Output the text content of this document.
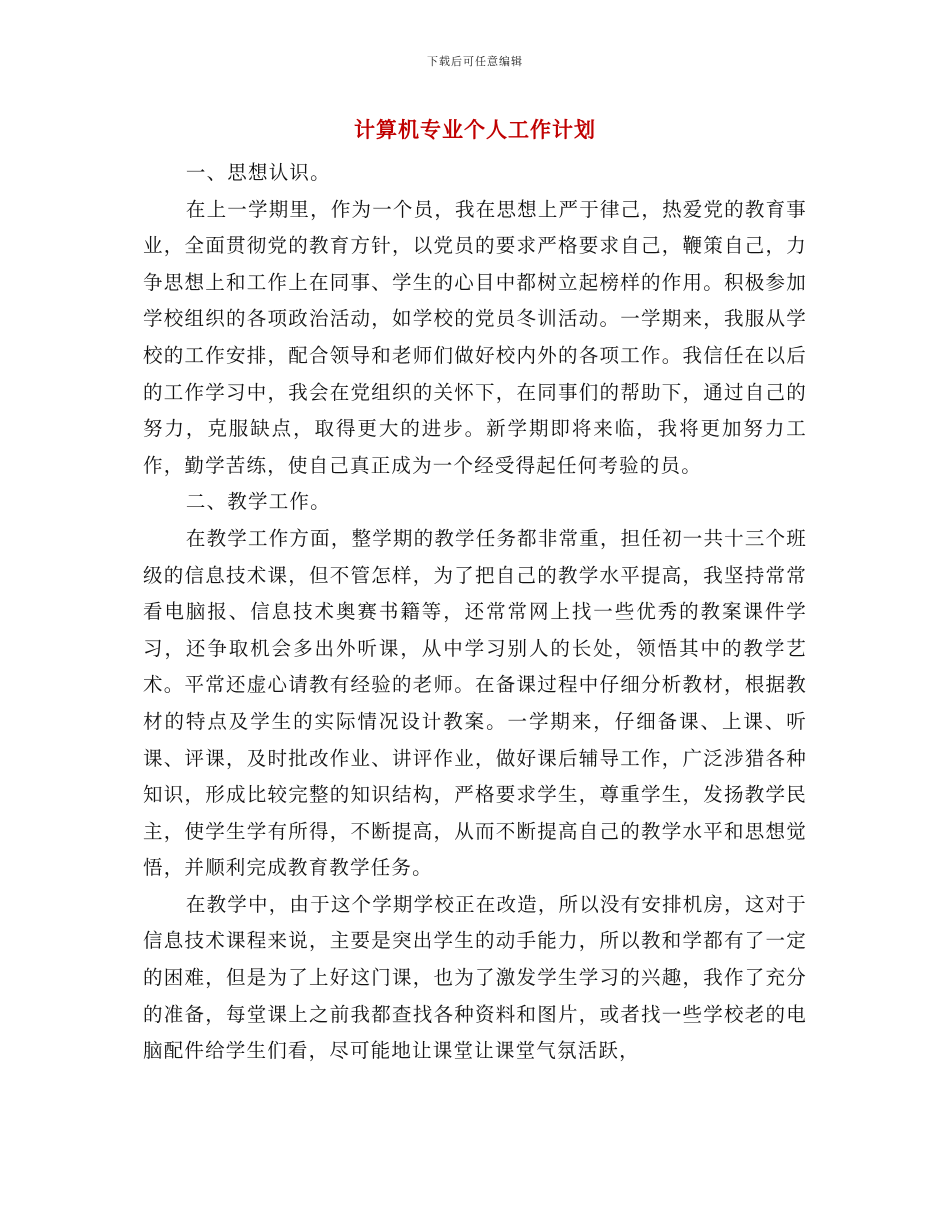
下载后可任意编辑
计算机专业个人工作计划

一、思想认识。

在上一学期里，作为一个员，我在思想上严于律己，热爱党的教育事业，全面贯彻党的教育方针，以党员的要求严格要求自己，鞭策自己，力争思想上和工作上在同事、学生的心目中都树立起榜样的作用。积极参加学校组织的各项政治活动，如学校的党员冬训活动。一学期来，我服从学校的工作安排，配合领导和老师们做好校内外的各项工作。我信任在以后的工作学习中，我会在党组织的关怀下，在同事们的帮助下，通过自己的努力，克服缺点，取得更大的进步。新学期即将来临，我将更加努力工作，勤学苦练，使自己真正成为一个经受得起任何考验的员。

二、教学工作。

在教学工作方面，整学期的教学任务都非常重，担任初一共十三个班级的信息技术课，但不管怎样，为了把自己的教学水平提高，我坚持常常看电脑报、信息技术奥赛书籍等，还常常网上找一些优秀的教案课件学习，还争取机会多出外听课，从中学习别人的长处，领悟其中的教学艺术。平常还虚心请教有经验的老师。在备课过程中仔细分析教材，根据教材的特点及学生的实际情况设计教案。一学期来，仔细备课、上课、听课、评课，及时批改作业、讲评作业，做好课后辅导工作，广泛涉猎各种知识，形成比较完整的知识结构，严格要求学生，尊重学生，发扬教学民主，使学生学有所得，不断提高，从而不断提高自己的教学水平和思想觉悟，并顺利完成教育教学任务。

在教学中，由于这个学期学校正在改造，所以没有安排机房，这对于信息技术课程来说，主要是突出学生的动手能力，所以教和学都有了一定的困难，但是为了上好这门课，也为了激发学生学习的兴趣，我作了充分的准备，每堂课上之前我都查找各种资料和图片，或者找一些学校老的电脑配件给学生们看，尽可能地让课堂让课堂气氛活跃，
